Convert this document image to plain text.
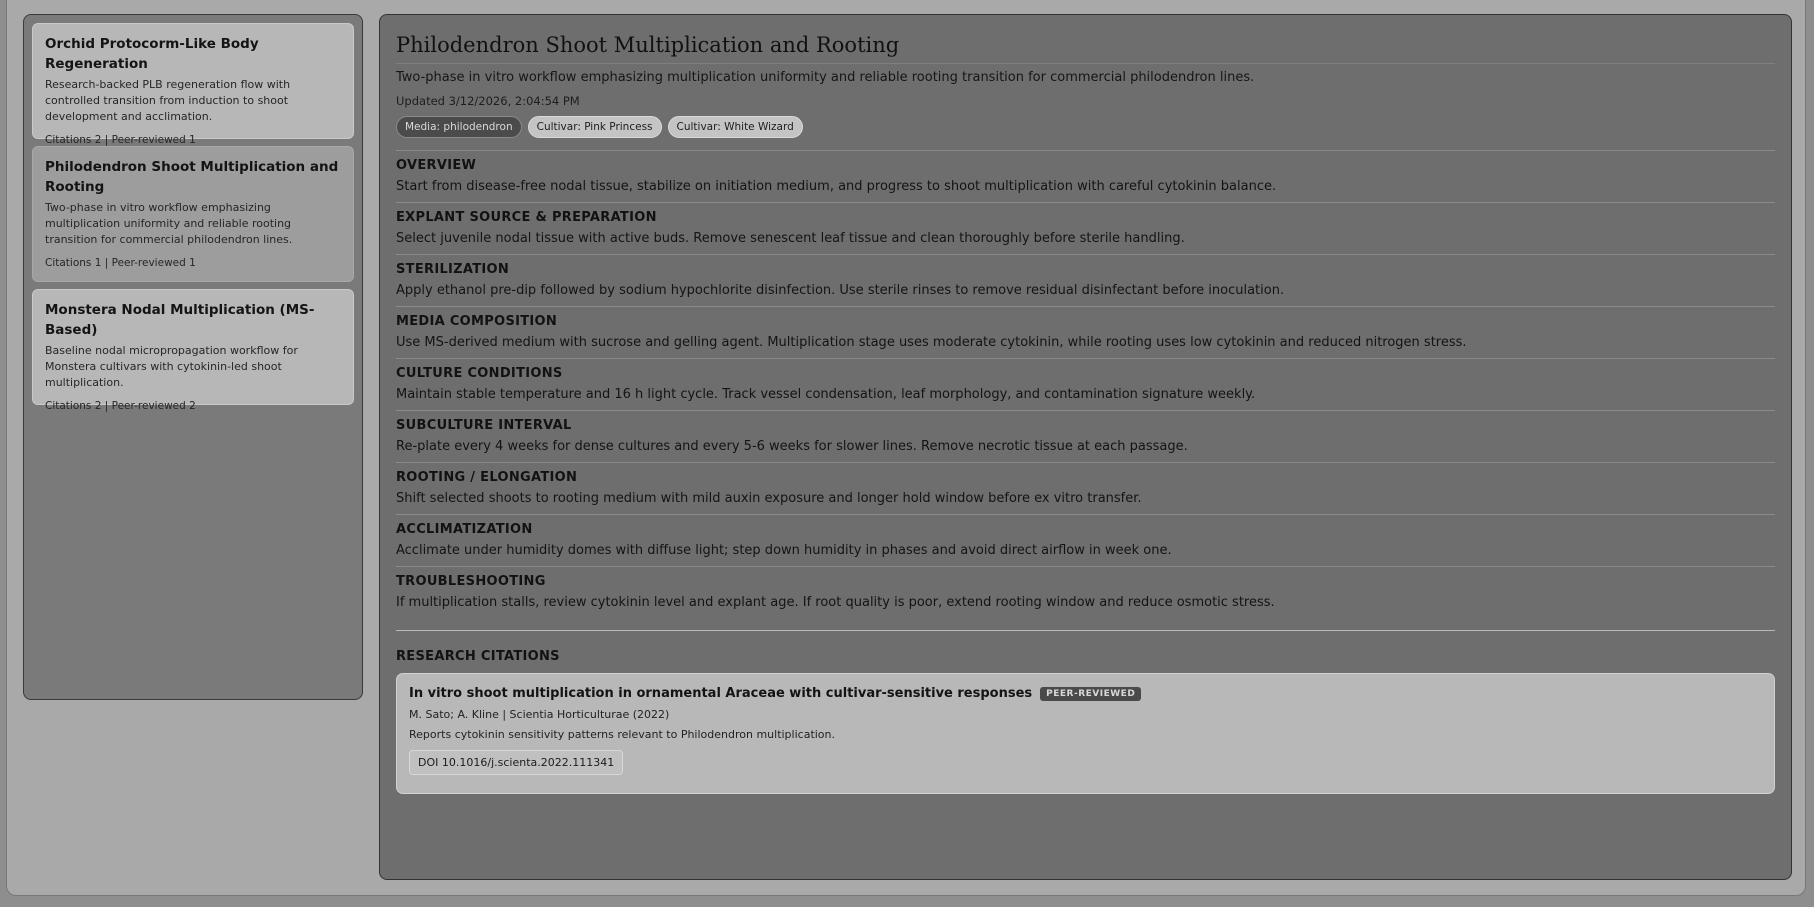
Orchid Protocorm-Like Body Regeneration
Research-backed PLB regeneration flow with controlled transition from induction to shoot development and acclimation.
Citations 2 | Peer-reviewed 1
Philodendron Shoot Multiplication and Rooting
Two-phase in vitro workflow emphasizing multiplication uniformity and reliable rooting transition for commercial philodendron lines.
Citations 1 | Peer-reviewed 1
Monstera Nodal Multiplication (MS-Based)
Baseline nodal micropropagation workflow for Monstera cultivars with cytokinin-led shoot multiplication.
Citations 2 | Peer-reviewed 2
Philodendron Shoot Multiplication and Rooting
Two-phase in vitro workflow emphasizing multiplication uniformity and reliable rooting transition for commercial philodendron lines.
Updated 3/12/2026, 2:04:54 PM
Media: philodendron	Cultivar: Pink Princess	Cultivar: White Wizard
OVERVIEW
Start from disease-free nodal tissue, stabilize on initiation medium, and progress to shoot multiplication with careful cytokinin balance.
EXPLANT SOURCE & PREPARATION
Select juvenile nodal tissue with active buds. Remove senescent leaf tissue and clean thoroughly before sterile handling.
STERILIZATION
Apply ethanol pre-dip followed by sodium hypochlorite disinfection. Use sterile rinses to remove residual disinfectant before inoculation.
MEDIA COMPOSITION
Use MS-derived medium with sucrose and gelling agent. Multiplication stage uses moderate cytokinin, while rooting uses low cytokinin and reduced nitrogen stress.
CULTURE CONDITIONS
Maintain stable temperature and 16 h light cycle. Track vessel condensation, leaf morphology, and contamination signature weekly.
SUBCULTURE INTERVAL
Re-plate every 4 weeks for dense cultures and every 5-6 weeks for slower lines. Remove necrotic tissue at each passage.
ROOTING / ELONGATION
Shift selected shoots to rooting medium with mild auxin exposure and longer hold window before ex vitro transfer.
ACCLIMATIZATION
Acclimate under humidity domes with diffuse light; step down humidity in phases and avoid direct airflow in week one.
TROUBLESHOOTING
If multiplication stalls, review cytokinin level and explant age. If root quality is poor, extend rooting window and reduce osmotic stress.
RESEARCH CITATIONS
In vitro shoot multiplication in ornamental Araceae with cultivar-sensitive responses	PEER-REVIEWED
M. Sato; A. Kline | Scientia Horticulturae (2022)
Reports cytokinin sensitivity patterns relevant to Philodendron multiplication.
DOI 10.1016/j.scienta.2022.111341
